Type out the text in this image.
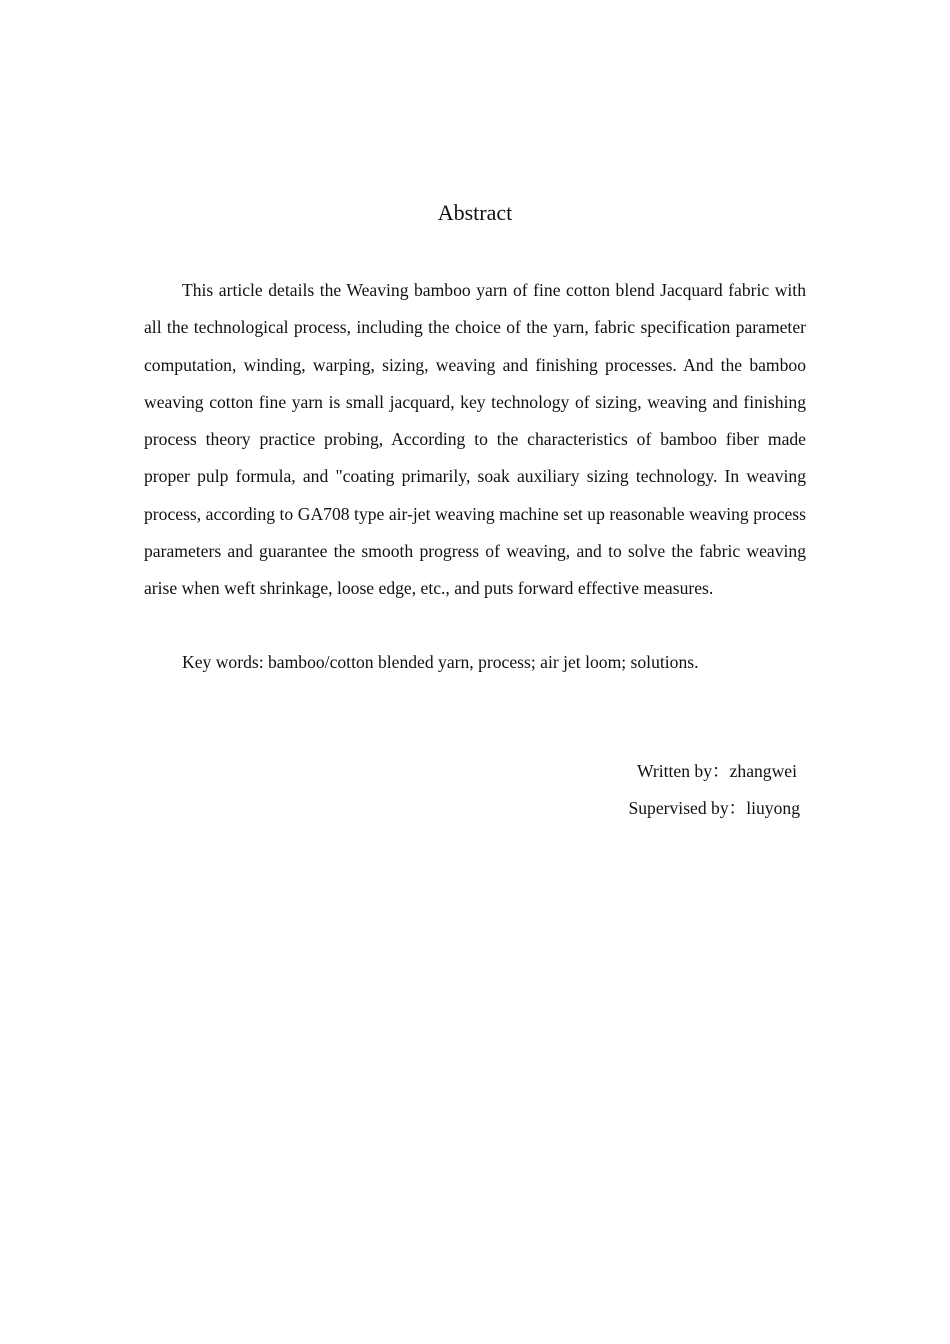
Abstract

This article details the Weaving bamboo yarn of fine cotton blend Jacquard fabric with all the technological process, including the choice of the yarn, fabric specification parameter computation, winding, warping, sizing, weaving and finishing processes. And the bamboo weaving cotton fine yarn is small jacquard, key technology of sizing, weaving and finishing process theory practice probing, According to the characteristics of bamboo fiber made proper pulp formula, and "coating primarily, soak auxiliary sizing technology. In weaving process, according to GA708 type air-jet weaving machine set up reasonable weaving process parameters and guarantee the smooth progress of weaving, and to solve the fabric weaving arise when weft shrinkage, loose edge, etc., and puts forward effective measures.

Key words: bamboo/cotton blended yarn, process; air jet loom; solutions.

Written by：zhangwei

Supervised by：liuyong
